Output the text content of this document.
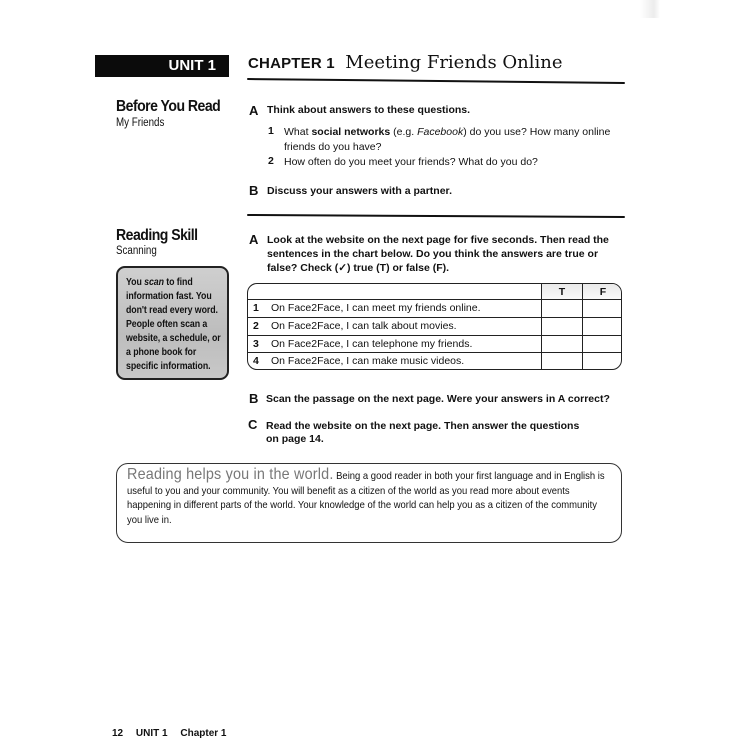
UNIT 1	CHAPTER 1 Meeting Friends Online
Before You Read
My Friends
A Think about answers to these questions.
1 What social networks (e.g. Facebook) do you use? How many online
friends do you have?
2 How often do you meet your friends? What do you do?
B Discuss your answers with a partner.
Reading Skill
Scanning
You scan to find information fast. You don't read every word. People often scan a website, a schedule, or a phone book for specific information.
A Look at the website on the next page for five seconds. Then read the
sentences in the chart below. Do you think the answers are true or
false? Check (✓) true (T) or false (F).
T	F
1 On Face2Face, I can meet my friends online.
2 On Face2Face, I can talk about movies.
3 On Face2Face, I can telephone my friends.
4 On Face2Face, I can make music videos.
B Scan the passage on the next page. Were your answers in A correct?
C Read the website on the next page. Then answer the questions
on page 14.
Reading helps you in the world. Being a good reader in both your first language and in English is useful to you and your community. You will benefit as a citizen of the world as you read more about events happening in different parts of the world. Your knowledge of the world can help you as a citizen of the community you live in.
12 UNIT 1 Chapter 1
